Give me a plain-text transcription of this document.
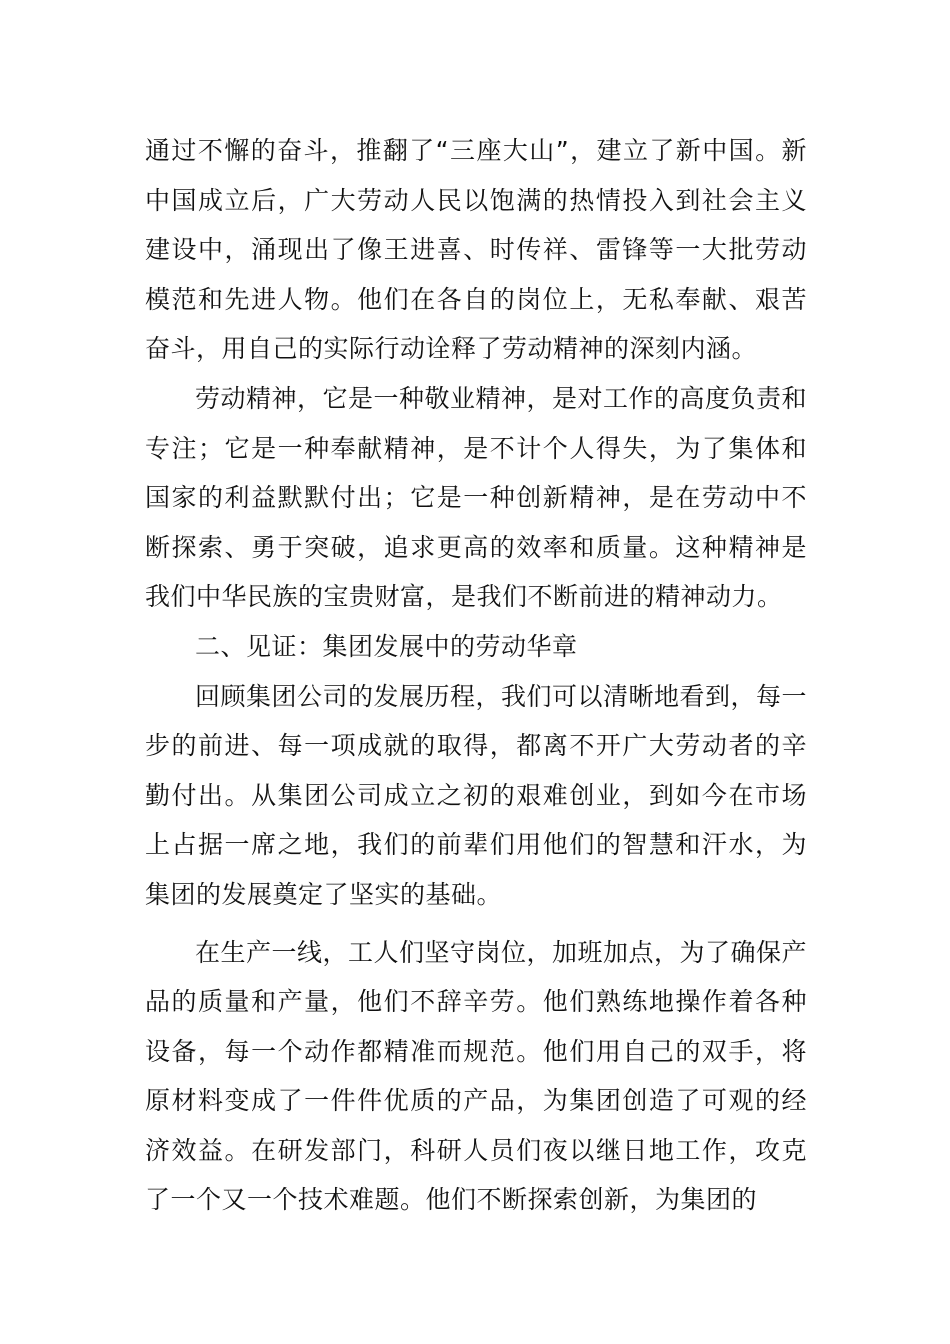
通过不懈的奋斗，推翻了“三座大山”，建立了新中国。新中国成立后，广大劳动人民以饱满的热情投入到社会主义建设中，涌现出了像王进喜、时传祥、雷锋等一大批劳动模范和先进人物。他们在各自的岗位上，无私奉献、艰苦奋斗，用自己的实际行动诠释了劳动精神的深刻内涵。

劳动精神，它是一种敬业精神，是对工作的高度负责和专注；它是一种奉献精神，是不计个人得失，为了集体和国家的利益默默付出；它是一种创新精神，是在劳动中不断探索、勇于突破，追求更高的效率和质量。这种精神是我们中华民族的宝贵财富，是我们不断前进的精神动力。

二、见证：集团发展中的劳动华章

回顾集团公司的发展历程，我们可以清晰地看到，每一步的前进、每一项成就的取得，都离不开广大劳动者的辛勤付出。从集团公司成立之初的艰难创业，到如今在市场上占据一席之地，我们的前辈们用他们的智慧和汗水，为集团的发展奠定了坚实的基础。

在生产一线，工人们坚守岗位，加班加点，为了确保产品的质量和产量，他们不辞辛劳。他们熟练地操作着各种设备，每一个动作都精准而规范。他们用自己的双手，将原材料变成了一件件优质的产品，为集团创造了可观的经济效益。在研发部门，科研人员们夜以继日地工作，攻克了一个又一个技术难题。他们不断探索创新，为集团的
